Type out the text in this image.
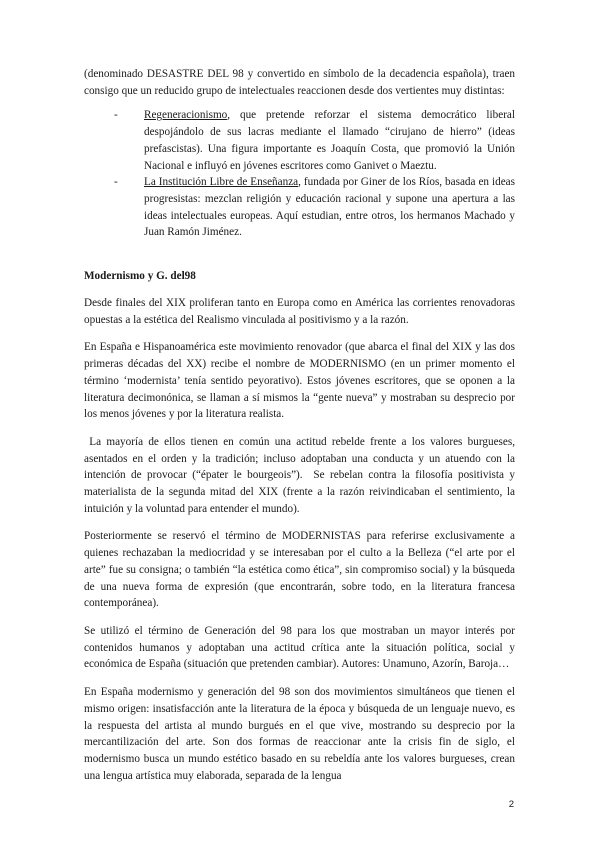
(denominado DESASTRE DEL 98 y convertido en símbolo de la decadencia española), traen consigo que un reducido grupo de intelectuales reaccionen desde dos vertientes muy distintas:

- Regeneracionismo, que pretende reforzar el sistema democrático liberal despojándolo de sus lacras mediante el llamado “cirujano de hierro” (ideas prefascistas). Una figura importante es Joaquín Costa, que promovió la Unión Nacional e influyó en jóvenes escritores como Ganivet o Maeztu.
- La Institución Libre de Enseñanza, fundada por Giner de los Ríos, basada en ideas progresistas: mezclan religión y educación racional y supone una apertura a las ideas intelectuales europeas. Aquí estudian, entre otros, los hermanos Machado y Juan Ramón Jiménez.
Modernismo y G. del98

Desde finales del XIX proliferan tanto en Europa como en América las corrientes renovadoras opuestas a la estética del Realismo vinculada al positivismo y a la razón.

En España e Hispanoamérica este movimiento renovador (que abarca el final del XIX y las dos primeras décadas del XX) recibe el nombre de MODERNISMO (en un primer momento el término ‘modernista’ tenía sentido peyorativo). Estos jóvenes escritores, que se oponen a la literatura decimonónica, se llaman a sí mismos la “gente nueva” y mostraban su desprecio por los menos jóvenes y por la literatura realista.

La mayoría de ellos tienen en común una actitud rebelde frente a los valores burgueses, asentados en el orden y la tradición; incluso adoptaban una conducta y un atuendo con la intención de provocar (“épater le bourgeois”).  Se rebelan contra la filosofía positivista y materialista de la segunda mitad del XIX (frente a la razón reivindicaban el sentimiento, la intuición y la voluntad para entender el mundo).

Posteriormente se reservó el término de MODERNISTAS para referirse exclusivamente a quienes rechazaban la mediocridad y se interesaban por el culto a la Belleza (“el arte por el arte” fue su consigna; o también “la estética como ética”, sin compromiso social) y la búsqueda de una nueva forma de expresión (que encontrarán, sobre todo, en la literatura francesa contemporánea).

Se utilizó el término de Generación del 98 para los que mostraban un mayor interés por contenidos humanos y adoptaban una actitud crítica ante la situación política, social y económica de España (situación que pretenden cambiar). Autores: Unamuno, Azorín, Baroja…

En España modernismo y generación del 98 son dos movimientos simultáneos que tienen el mismo origen: insatisfacción ante la literatura de la época y búsqueda de un lenguaje nuevo, es la respuesta del artista al mundo burgués en el que vive, mostrando su desprecio por la mercantilización del arte. Son dos formas de reaccionar ante la crisis fin de siglo, el modernismo busca un mundo estético basado en su rebeldía ante los valores burgueses, crean una lengua artística muy elaborada, separada de la lengua

2
